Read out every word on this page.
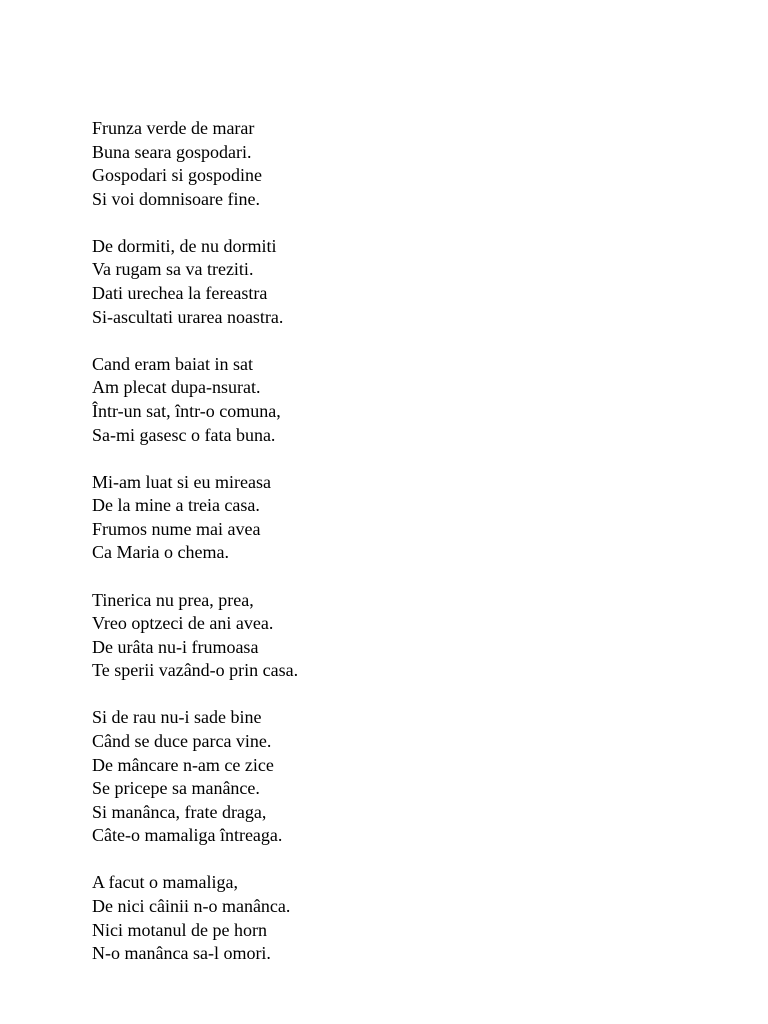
Frunza verde de marar
Buna seara gospodari.
Gospodari si gospodine
Si voi domnisoare fine.
De dormiti, de nu dormiti
Va rugam sa va treziti.
Dati urechea la fereastra
Si-ascultati urarea noastra.
Cand eram baiat in sat
Am plecat dupa-nsurat.
Într-un sat, într-o comuna,
Sa-mi gasesc o fata buna.
Mi-am luat si eu mireasa
De la mine a treia casa.
Frumos nume mai avea
Ca Maria o chema.
Tinerica nu prea, prea,
Vreo optzeci de ani avea.
De urâta nu-i frumoasa
Te sperii vazând-o prin casa.
Si de rau nu-i sade bine
Când se duce parca vine.
De mâncare n-am ce zice
Se pricepe sa manânce.
Si manânca, frate draga,
Câte-o mamaliga întreaga.
A facut o mamaliga,
De nici câinii n-o manânca.
Nici motanul de pe horn
N-o manânca sa-l omori.
